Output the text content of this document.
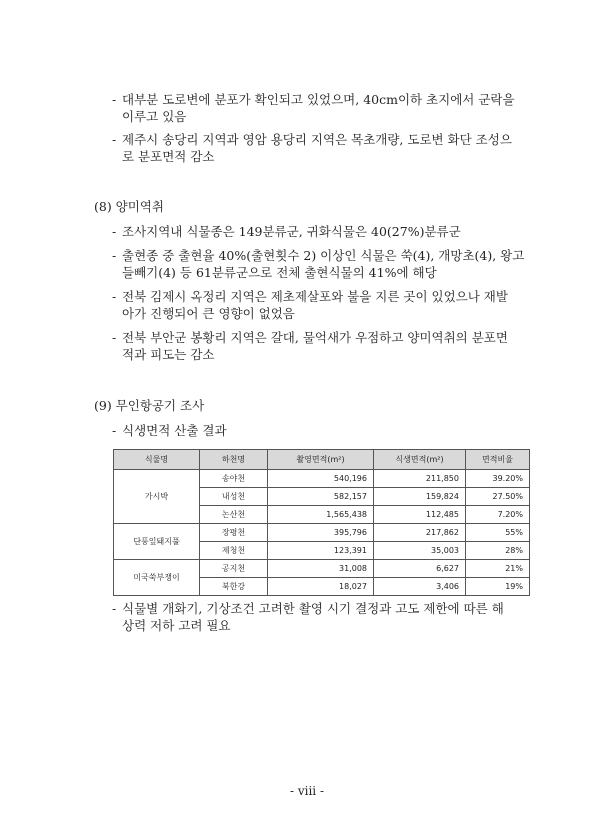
- 대부분 도로변에 분포가 확인되고 있었으며, 40cm이하 초지에서 군락을
이루고 있음
- 제주시 송당리 지역과 영암 용당리 지역은 목초개량, 도로변 화단 조성으
로 분포면적 감소
(8) 양미역취
- 조사지역내 식물종은 149분류군, 귀화식물은 40(27%)분류군
- 출현종 중 출현율 40%(출현횟수 2) 이상인 식물은 쑥(4), 개망초(4), 왕고
들빼기(4) 등 61분류군으로 전체 출현식물의 41%에 해당
- 전북 김제시 옥정리 지역은 제초제살포와 불을 지른 곳이 있었으나 재발
아가 진행되어 큰 영향이 없었음
- 전북 부안군 봉황리 지역은 갈대, 물억새가 우점하고 양미역취의 분포면
적과 피도는 감소
(9) 무인항공기 조사
- 식생면적 산출 결과
식물명	하천명	촬영면적(m²)	식생면적(m²)	면적비율
가시박	송야천	540,196	211,850	39.20%
	내성천	582,157	159,824	27.50%
	논산천	1,565,438	112,485	7.20%
단풍잎돼지풀	장평천	395,796	217,862	55%
	제청천	123,391	35,003	28%
미국쑥부쟁이	공지천	31,008	6,627	21%
	북한강	18,027	3,406	19%
- 식물별 개화기, 기상조건 고려한 촬영 시기 결정과 고도 제한에 따른 해
상력 저하 고려 필요
- viii -
